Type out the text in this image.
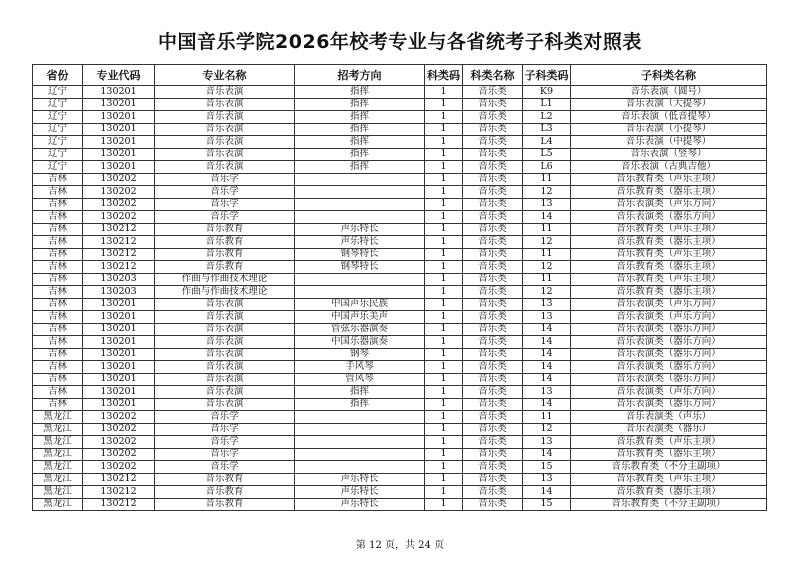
中国音乐学院2026年校考专业与各省统考子科类对照表
省份	专业代码	专业名称	招考方向	科类码	科类名称	子科类码	子科类名称
辽宁	130201	音乐表演	指挥	1	音乐类	K9	音乐表演（圆号）
辽宁	130201	音乐表演	指挥	1	音乐类	L1	音乐表演（大提琴）
辽宁	130201	音乐表演	指挥	1	音乐类	L2	音乐表演（低音提琴）
辽宁	130201	音乐表演	指挥	1	音乐类	L3	音乐表演（小提琴）
辽宁	130201	音乐表演	指挥	1	音乐类	L4	音乐表演（中提琴）
辽宁	130201	音乐表演	指挥	1	音乐类	L5	音乐表演（竖琴）
辽宁	130201	音乐表演	指挥	1	音乐类	L6	音乐表演（古典吉他）
吉林	130202	音乐学		1	音乐类	11	音乐教育类（声乐主项）
吉林	130202	音乐学		1	音乐类	12	音乐教育类（器乐主项）
吉林	130202	音乐学		1	音乐类	13	音乐表演类（声乐方向）
吉林	130202	音乐学		1	音乐类	14	音乐表演类（器乐方向）
吉林	130212	音乐教育	声乐特长	1	音乐类	11	音乐教育类（声乐主项）
吉林	130212	音乐教育	声乐特长	1	音乐类	12	音乐教育类（器乐主项）
吉林	130212	音乐教育	钢琴特长	1	音乐类	11	音乐教育类（声乐主项）
吉林	130212	音乐教育	钢琴特长	1	音乐类	12	音乐教育类（器乐主项）
吉林	130203	作曲与作曲技术理论		1	音乐类	11	音乐教育类（声乐主项）
吉林	130203	作曲与作曲技术理论		1	音乐类	12	音乐教育类（器乐主项）
吉林	130201	音乐表演	中国声乐民族	1	音乐类	13	音乐表演类（声乐方向）
吉林	130201	音乐表演	中国声乐美声	1	音乐类	13	音乐表演类（声乐方向）
吉林	130201	音乐表演	管弦乐器演奏	1	音乐类	14	音乐表演类（器乐方向）
吉林	130201	音乐表演	中国乐器演奏	1	音乐类	14	音乐表演类（器乐方向）
吉林	130201	音乐表演	钢琴	1	音乐类	14	音乐表演类（器乐方向）
吉林	130201	音乐表演	手风琴	1	音乐类	14	音乐表演类（器乐方向）
吉林	130201	音乐表演	管风琴	1	音乐类	14	音乐表演类（器乐方向）
吉林	130201	音乐表演	指挥	1	音乐类	13	音乐表演类（声乐方向）
吉林	130201	音乐表演	指挥	1	音乐类	14	音乐表演类（器乐方向）
黑龙江	130202	音乐学		1	音乐类	11	音乐表演类（声乐）
黑龙江	130202	音乐学		1	音乐类	12	音乐表演类（器乐）
黑龙江	130202	音乐学		1	音乐类	13	音乐教育类（声乐主项）
黑龙江	130202	音乐学		1	音乐类	14	音乐教育类（器乐主项）
黑龙江	130202	音乐学		1	音乐类	15	音乐教育类（不分主副项）
黑龙江	130212	音乐教育	声乐特长	1	音乐类	13	音乐教育类（声乐主项）
黑龙江	130212	音乐教育	声乐特长	1	音乐类	14	音乐教育类（器乐主项）
黑龙江	130212	音乐教育	声乐特长	1	音乐类	15	音乐教育类（不分主副项）
第 12 页，共 24 页
